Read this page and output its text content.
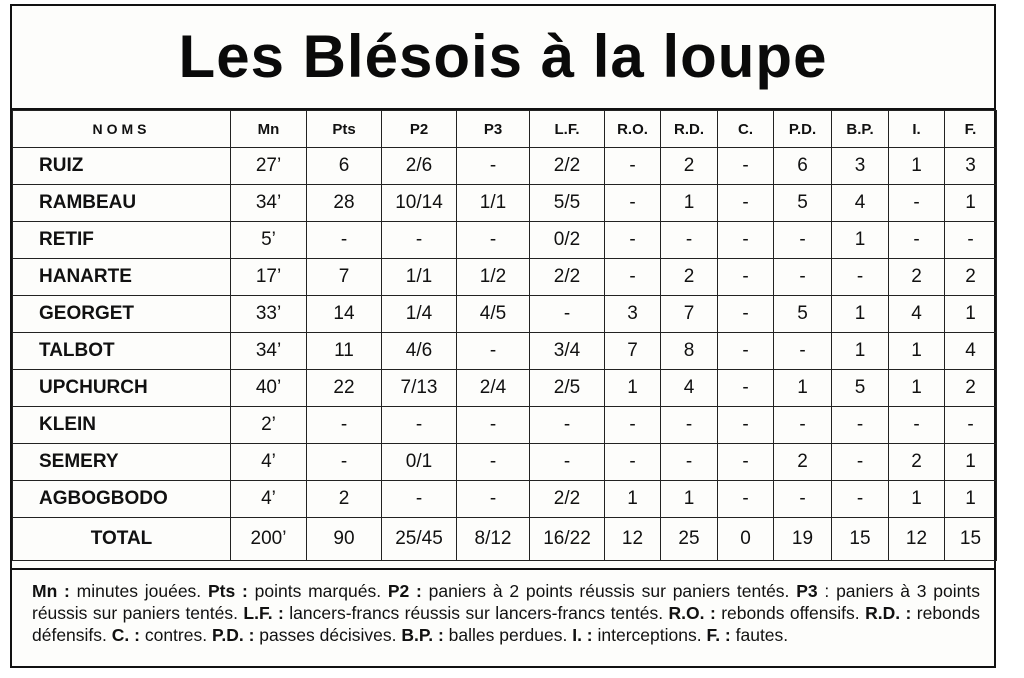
Les Blésois à la loupe
NOMS	Mn	Pts	P2	P3	L.F.	R.O.	R.D.	C.	P.D.	B.P.	I.	F.
RUIZ	27’	6	2/6	-	2/2	-	2	-	6	3	1	3
RAMBEAU	34’	28	10/14	1/1	5/5	-	1	-	5	4	-	1
RETIF	5’	-	-	-	0/2	-	-	-	-	1	-	-
HANARTE	17’	7	1/1	1/2	2/2	-	2	-	-	-	2	2
GEORGET	33’	14	1/4	4/5	-	3	7	-	5	1	4	1
TALBOT	34’	11	4/6	-	3/4	7	8	-	-	1	1	4
UPCHURCH	40’	22	7/13	2/4	2/5	1	4	-	1	5	1	2
KLEIN	2’	-	-	-	-	-	-	-	-	-	-	-
SEMERY	4’	-	0/1	-	-	-	-	-	2	-	2	1
AGBOGBODO	4’	2	-	-	2/2	1	1	-	-	-	1	1
TOTAL	200’	90	25/45	8/12	16/22	12	25	0	19	15	12	15
Mn : minutes jouées. Pts : points marqués. P2 : paniers à 2 points réussis sur paniers tentés. P3 : paniers à 3 points réussis sur paniers tentés. L.F. : lancers-francs réussis sur lancers-francs tentés. R.O. : rebonds offensifs. R.D. : rebonds défensifs. C. : contres. P.D. : passes décisives. B.P. : balles perdues. I. : interceptions. F. : fautes.
